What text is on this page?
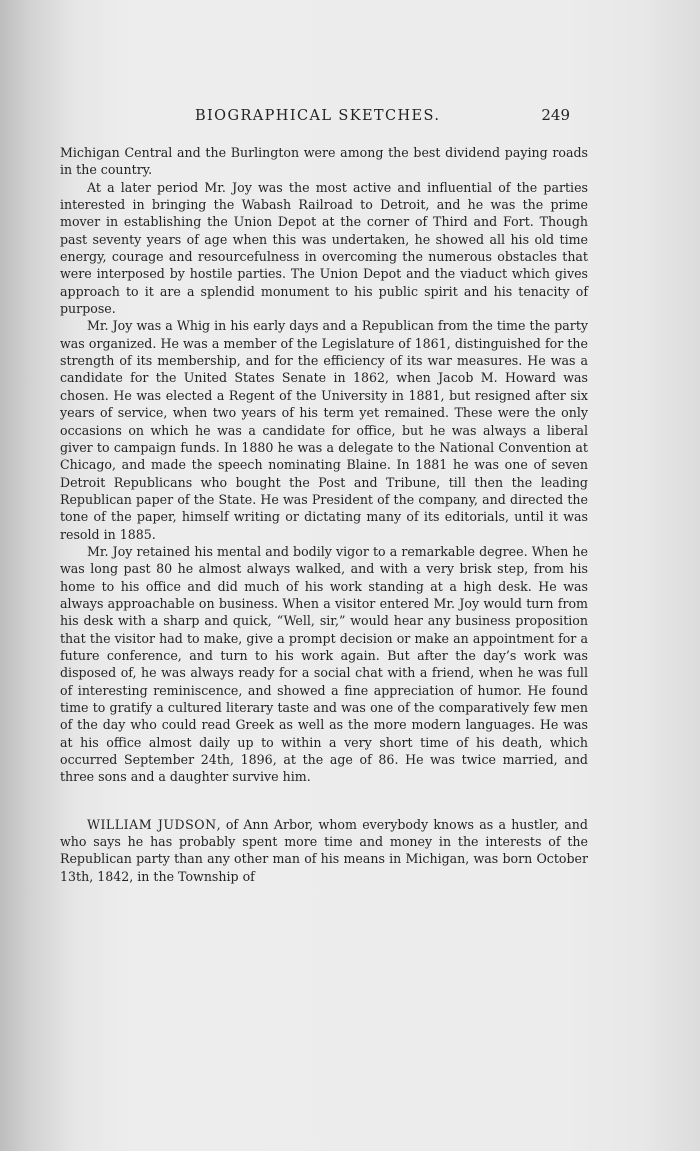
BIOGRAPHICAL SKETCHES.	249

Michigan Central and the Burlington were among the best dividend paying roads in the country.

At a later period Mr. Joy was the most active and influential of the parties interested in bringing the Wabash Railroad to Detroit, and he was the prime mover in establishing the Union Depot at the corner of Third and Fort. Though past seventy years of age when this was undertaken, he showed all his old time energy, courage and resourcefulness in overcoming the numerous obstacles that were interposed by hostile parties. The Union Depot and the viaduct which gives approach to it are a splendid monument to his public spirit and his tenacity of purpose.

Mr. Joy was a Whig in his early days and a Republican from the time the party was organized. He was a member of the Legislature of 1861, distinguished for the strength of its membership, and for the efficiency of its war measures. He was a candidate for the United States Senate in 1862, when Jacob M. Howard was chosen. He was elected a Regent of the University in 1881, but resigned after six years of service, when two years of his term yet remained. These were the only occasions on which he was a candidate for office, but he was always a liberal giver to campaign funds. In 1880 he was a delegate to the National Convention at Chicago, and made the speech nominating Blaine. In 1881 he was one of seven Detroit Republicans who bought the Post and Tribune, till then the leading Republican paper of the State. He was President of the company, and directed the tone of the paper, himself writing or dictating many of its editorials, until it was resold in 1885.

Mr. Joy retained his mental and bodily vigor to a remarkable degree. When he was long past 80 he almost always walked, and with a very brisk step, from his home to his office and did much of his work standing at a high desk. He was always approachable on business. When a visitor entered Mr. Joy would turn from his desk with a sharp and quick, “Well, sir,” would hear any business proposition that the visitor had to make, give a prompt decision or make an appointment for a future conference, and turn to his work again. But after the day’s work was disposed of, he was always ready for a social chat with a friend, when he was full of interesting reminiscence, and showed a fine appreciation of humor. He found time to gratify a cultured literary taste and was one of the comparatively few men of the day who could read Greek as well as the more modern languages. He was at his office almost daily up to within a very short time of his death, which occurred September 24th, 1896, at the age of 86. He was twice married, and three sons and a daughter survive him.

WILLIAM JUDSON, of Ann Arbor, whom everybody knows as a hustler, and who says he has probably spent more time and money in the interests of the Republican party than any other man of his means in Michigan, was born October 13th, 1842, in the Township of
